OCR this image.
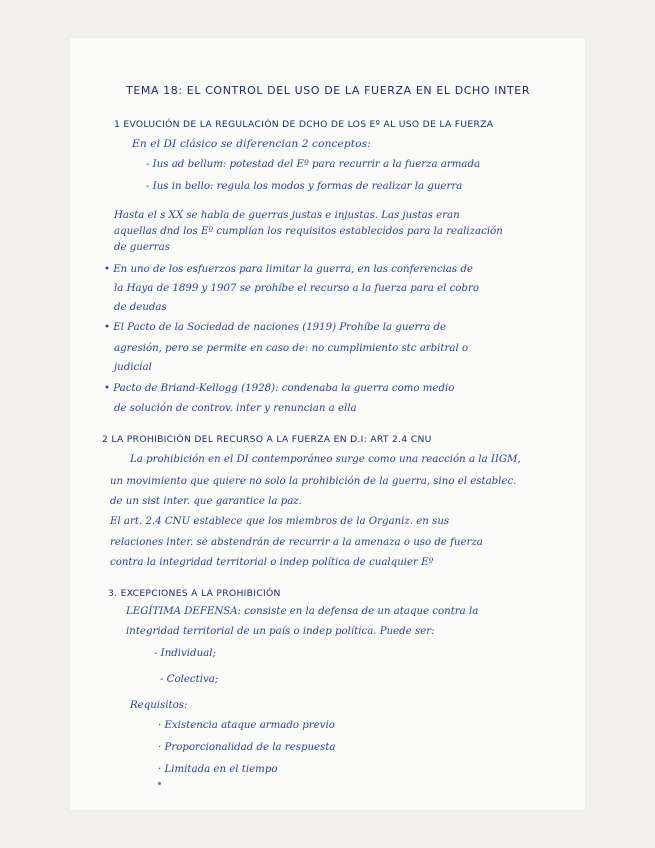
TEMA 18: EL CONTROL DEL USO DE LA FUERZA EN EL DCHO INTER
1 EVOLUCIÓN DE LA REGULACIÓN DE DCHO DE LOS Eº AL USO DE LA FUERZA
En el DI clásico se diferencian 2 conceptos:
- Ius ad bellum: potestad del Eº para recurrir a la fuerza armada
- Ius in bello: regula los modos y formas de realizar la guerra
Hasta el s XX se habla de guerras justas e injustas. Las justas eran
aquellas dnd los Eº cumplían los requisitos establecidos para la realización
de guerras
• En uno de los esfuerzos para limitar la guerra, en las conferencias de
la Haya de 1899 y 1907 se prohíbe el recurso a la fuerza para el cobro
de deudas
• El Pacto de la Sociedad de naciones (1919) Prohíbe la guerra de
agresión, pero se permite en caso de: no cumplimiento stc arbitral o
judicial
• Pacto de Briand-Kellogg (1928): condenaba la guerra como medio
de solución de controv. inter y renuncian a ella
2 LA PROHIBICIÓN DEL RECURSO A LA FUERZA EN D.I: ART 2.4 CNU
La prohibición en el DI contemporáneo surge como una reacción a la IIGM,
un movimiento que quiere no solo la prohibición de la guerra, sino el establec.
de un sist inter. que garantice la paz.
El art. 2.4 CNU establece que los miembros de la Organiz. en sus
relaciones inter. se abstendrán de recurrir a la amenaza o uso de fuerza
contra la integridad territorial o indep política de cualquier Eº
3. EXCEPCIONES A LA PROHIBICIÓN
LEGÍTIMA DEFENSA: consiste en la defensa de un ataque contra la
integridad territorial de un país o indep política. Puede ser:
- Individual;
- Colectiva;
Requisitos:
· Existencia ataque armado previo
· Proporcionalidad de la respuesta
· Limitada en el tiempo
